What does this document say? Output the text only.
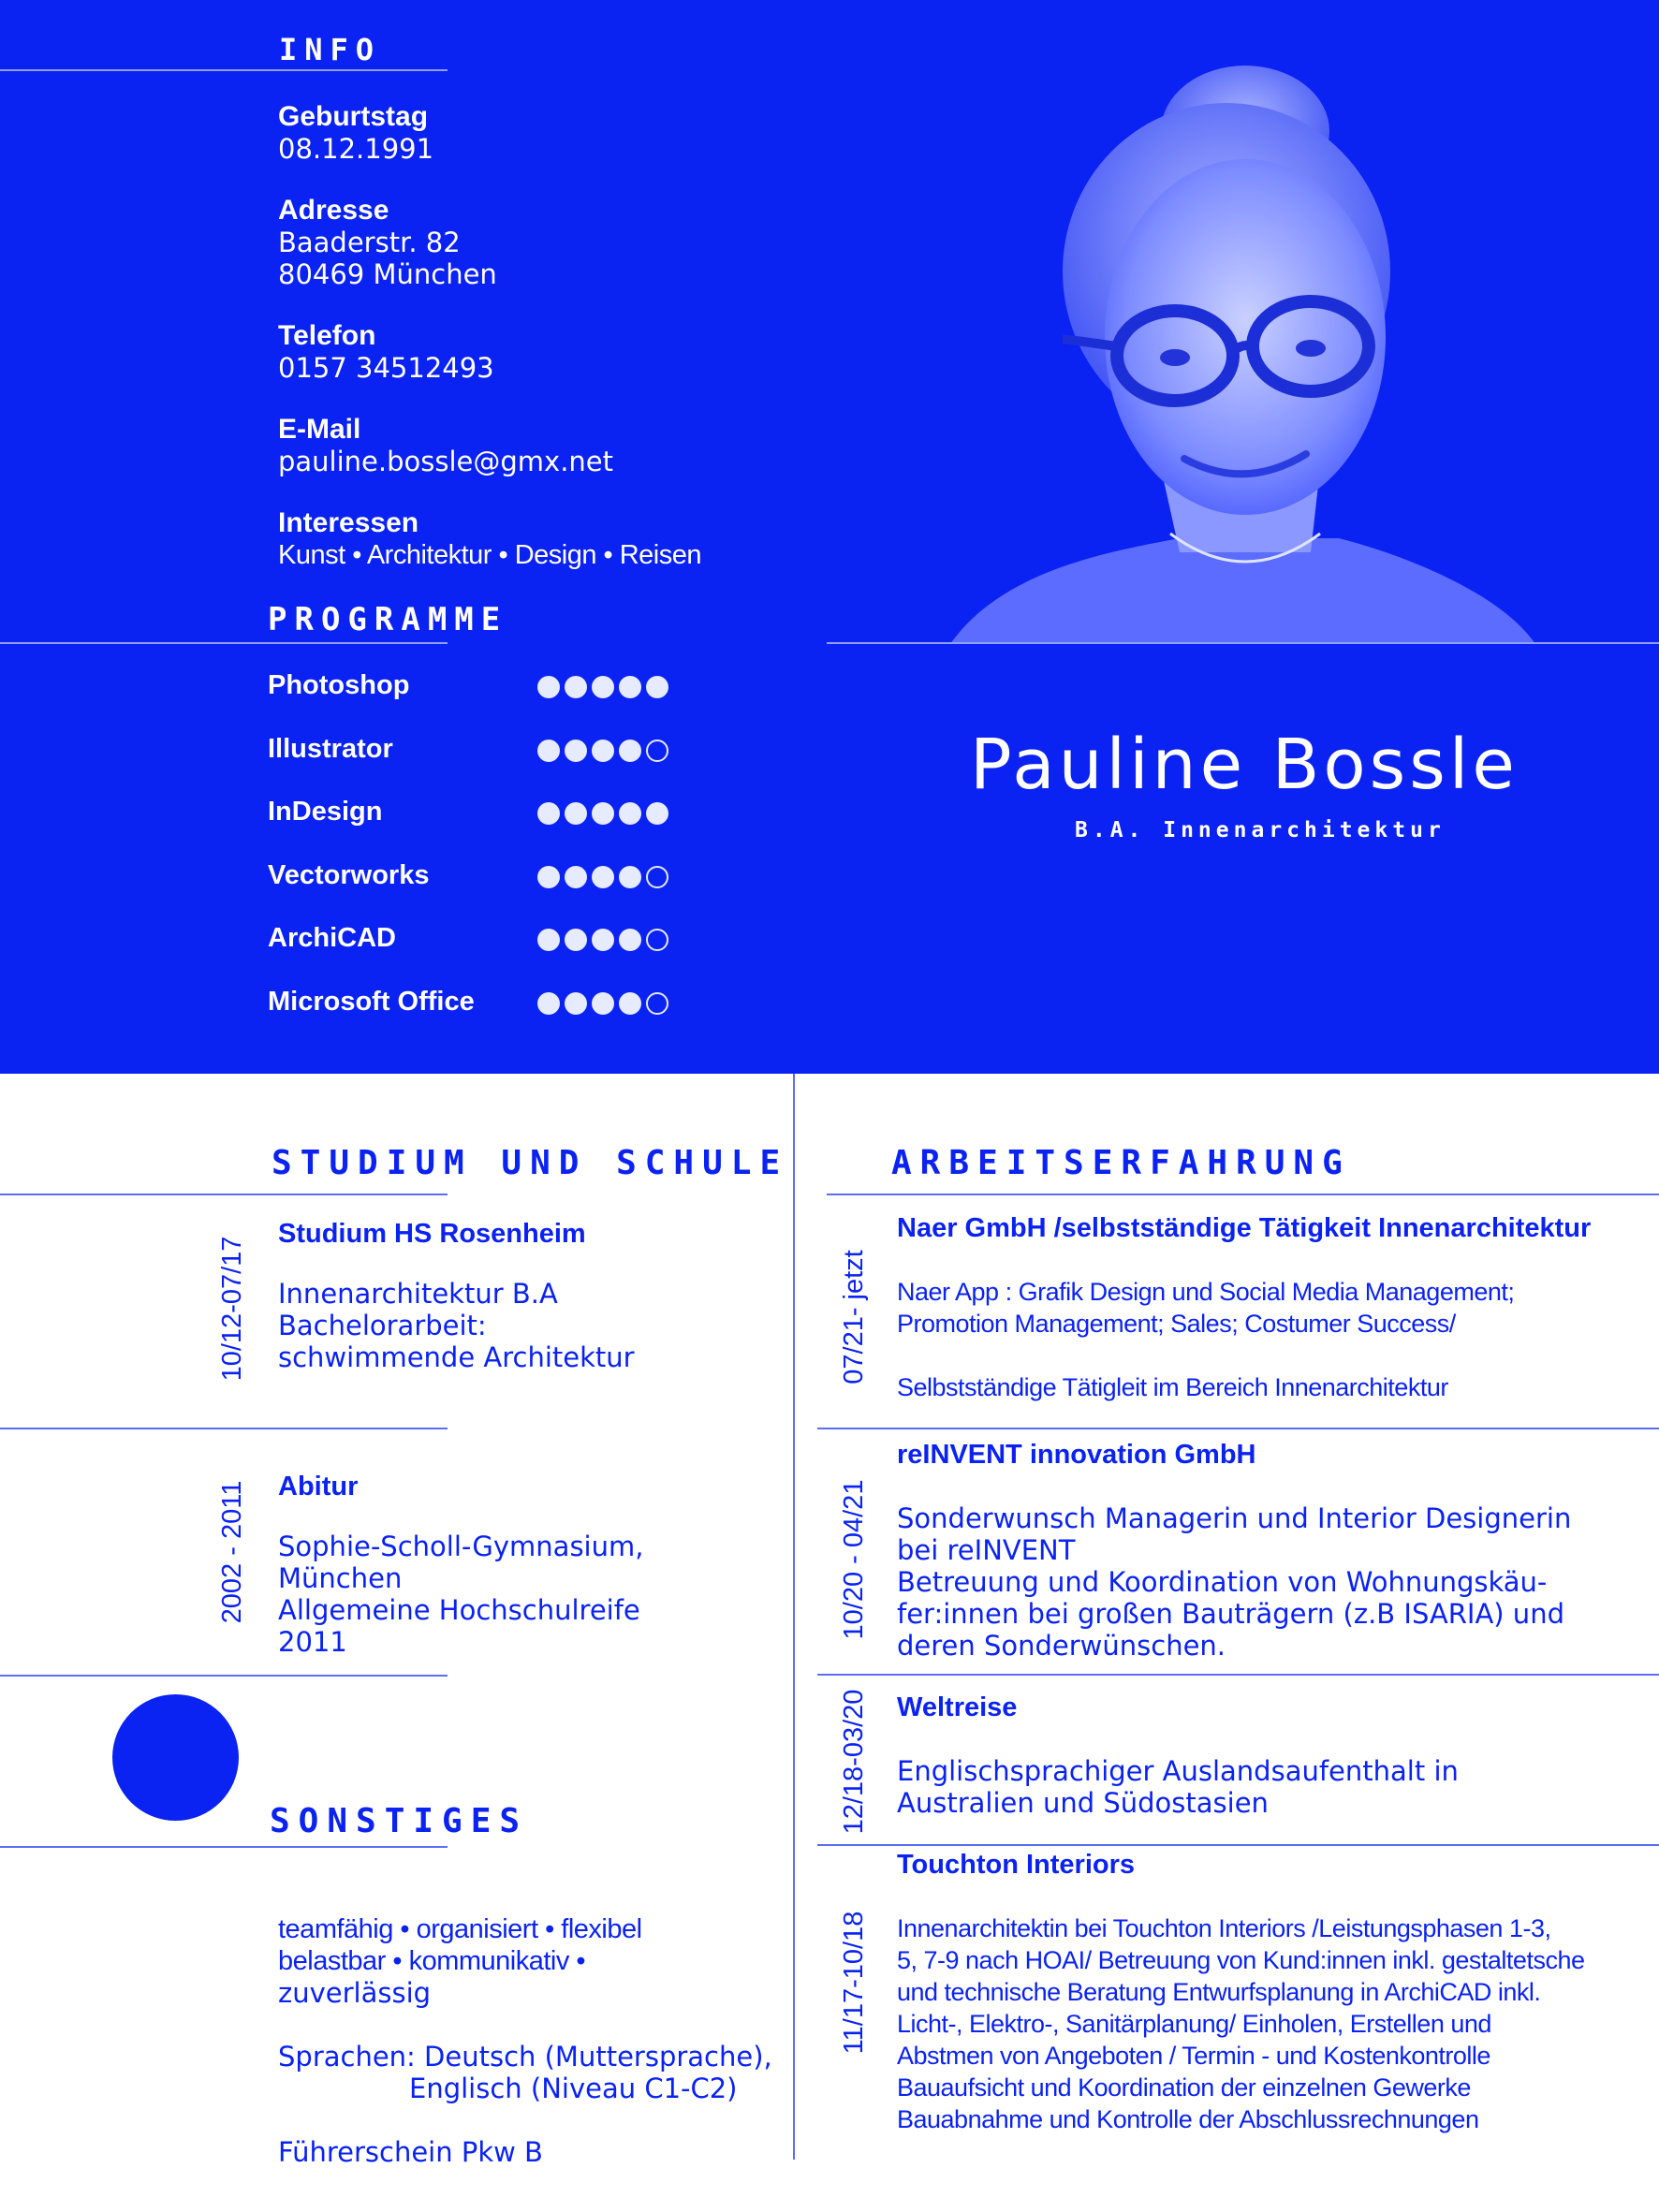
INFO
Geburtstag
08.12.1991
Adresse
Baaderstr. 82
80469 München
Telefon
0157 34512493
E-Mail
pauline.bossle@gmx.net
Interessen
Kunst • Architektur • Design • Reisen
PROGRAMME
Photoshop
Illustrator
InDesign
Vectorworks
ArchiCAD
Microsoft Office
Pauline Bossle
B.A. Innenarchitektur
STUDIUM UND SCHULE
10/12-07/17
Studium HS Rosenheim
Innenarchitektur B.A
Bachelorarbeit:
schwimmende Architektur
2002 - 2011 Abitur
Sophie-Scholl-Gymnasium,
München
Allgemeine Hochschulreife
2011
SONSTIGES
teamfähig • organisiert • flexibel
belastbar • kommunikativ •
zuverlässig
Sprachen: Deutsch (Muttersprache),
Englisch (Niveau C1-C2)
Führerschein Pkw B
ARBEITSERFAHRUNG
07/21- jetzt
Naer GmbH /selbstständige Tätigkeit Innenarchitektur
Naer App : Grafik Design und Social Media Management;
Promotion Management; Sales; Costumer Success/
Selbstständige Tätigleit im Bereich Innenarchitektur
10/20 - 04/21
reINVENT innovation GmbH
Sonderwunsch Managerin und Interior Designerin
bei reINVENT
Betreuung und Koordination von Wohnungskäu-
fer:innen bei großen Bauträgern (z.B ISARIA) und
deren Sonderwünschen.
12/18-03/20 Weltreise
Englischsprachiger Auslandsaufenthalt in
Australien und Südostasien
11/17-10/18
Touchton Interiors
Innenarchitektin bei Touchton Interiors /Leistungsphasen 1-3,
5, 7-9 nach HOAI/ Betreuung von Kund:innen inkl. gestaltetsche
und technische Beratung Entwurfsplanung in ArchiCAD inkl.
Licht-, Elektro-, Sanitärplanung/ Einholen, Erstellen und
Abstmen von Angeboten / Termin - und Kostenkontrolle
Bauaufsicht und Koordination der einzelnen Gewerke
Bauabnahme und Kontrolle der Abschlussrechnungen
